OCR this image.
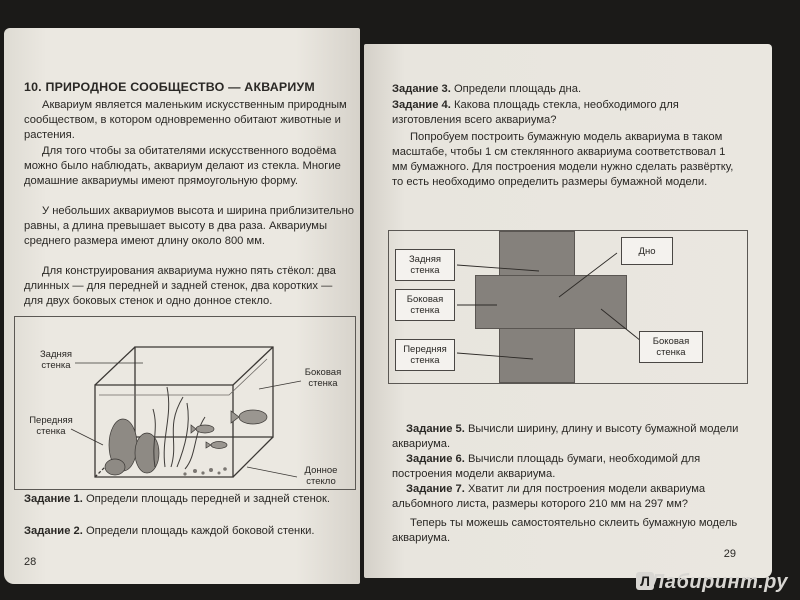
10. ПРИРОДНОЕ СООБЩЕСТВО — АКВАРИУМ

Аквариум является маленьким искусственным природным сообществом, в котором одновременно обитают животные и растения.

Для того чтобы за обитателями искусственного водоёма можно было наблюдать, аквариум делают из стекла. Многие домашние аквариумы имеют прямоугольную форму.

У небольших аквариумов высота и ширина приблизительно равны, а длина превышает высоту в два раза. Аквариумы среднего размера имеют длину около 800 мм.

Для конструирования аквариума нужно пять стёкол: два длинных — для передней и задней стенок, два коротких — для двух боковых стенок и одно донное стекло.

Задняя стенка
Боковая стенка
Передняя стенка
Донное стекло

Задание 1. Определи площадь передней и задней стенок.

Задание 2. Определи площадь каждой боковой стенки.

28

Задание 3. Определи площадь дна.

Задание 4. Какова площадь стекла, необходимого для изготовления всего аквариума?

Попробуем построить бумажную модель аквариума в таком масштабе, чтобы 1 см стеклянного аквариума соответствовал 1 мм бумажного. Для построения модели нужно сделать развёртку, то есть необходимо определить размеры бумажной модели.

Задняя стенка
Боковая стенка
Передняя стенка
Дно
Боковая стенка

Задание 5. Вычисли ширину, длину и высоту бумажной модели аквариума.

Задание 6. Вычисли площадь бумаги, необходимой для построения модели аквариума.

Задание 7. Хватит ли для построения модели аквариума альбомного листа, размеры которого 210 мм на 297 мм?

Теперь ты можешь самостоятельно склеить бумажную модель аквариума.

29
Л Лабиринт.ру
